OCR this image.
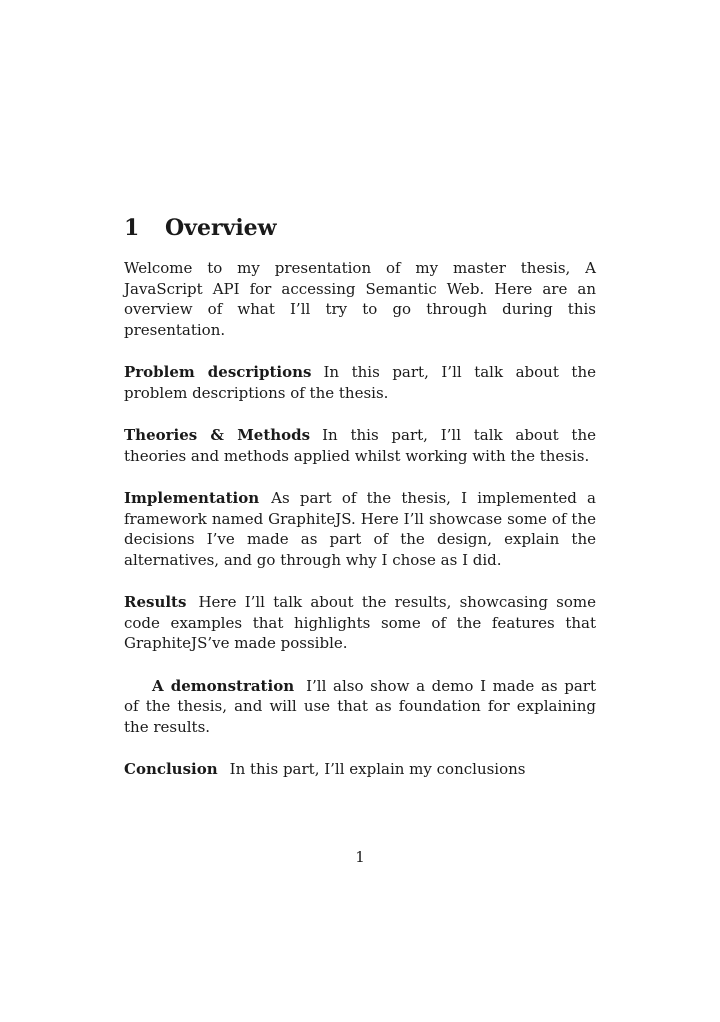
1	Overview

Welcome to my presentation of my master thesis, A JavaScript API for accessing Semantic Web. Here are an overview of what I’ll try to go through during this presentation.

Problem descriptions In this part, I’ll talk about the problem descriptions of the thesis.

Theories & Methods In this part, I’ll talk about the theories and methods applied whilst working with the thesis.

Implementation As part of the thesis, I implemented a framework named GraphiteJS. Here I’ll showcase some of the decisions I’ve made as part of the design, explain the alternatives, and go through why I chose as I did.

Results Here I’ll talk about the results, showcasing some code examples that highlights some of the features that GraphiteJS’ve made possible.

A demonstration I’ll also show a demo I made as part of the thesis, and will use that as foundation for explaining the results.

Conclusion In this part, I’ll explain my conclusions

1
